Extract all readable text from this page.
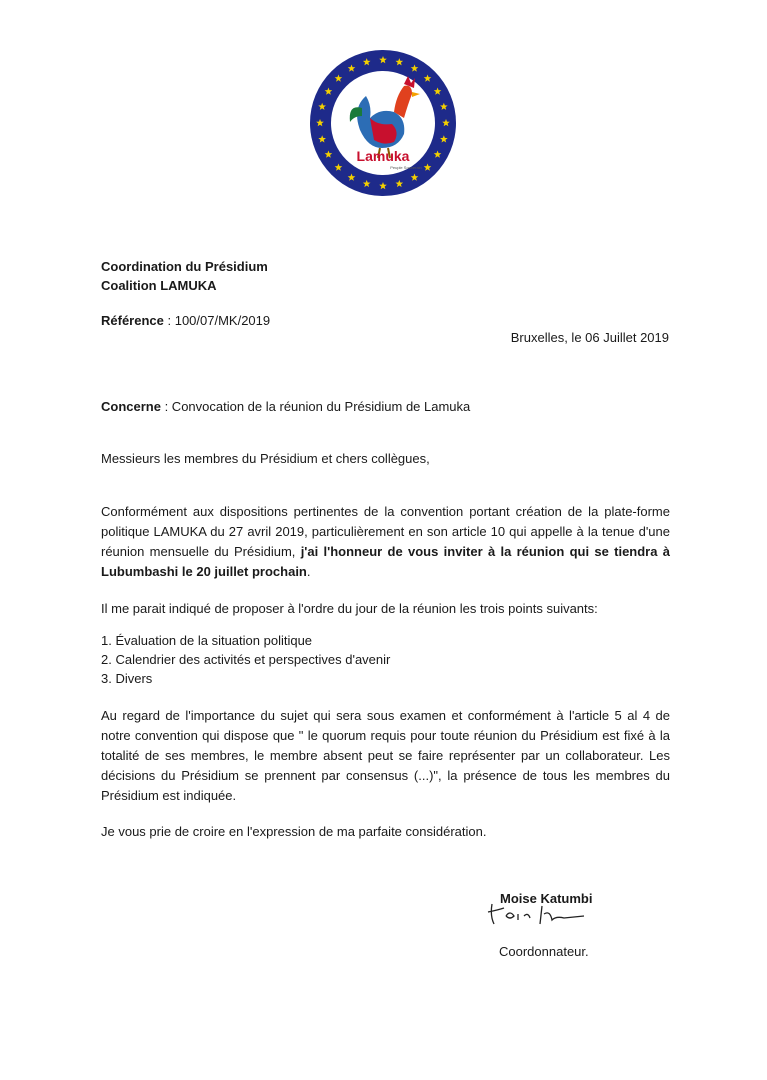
Lamuka
Peuple Souverain
Coordination du Présidium
Coalition LAMUKA
Référence : 100/07/MK/2019
Bruxelles, le 06 Juillet 2019
Concerne : Convocation de la réunion du Présidium de Lamuka
Messieurs les membres du Présidium et chers collègues,

Conformément aux dispositions pertinentes de la convention portant création de la plate-forme politique LAMUKA du 27 avril 2019, particulièrement en son article 10 qui appelle à la tenue d'une réunion mensuelle du Présidium, j'ai l'honneur de vous inviter à la réunion qui se tiendra à Lubumbashi le 20 juillet prochain.

Il me parait indiqué de proposer à l'ordre du jour de la réunion les trois points suivants:

1. Évaluation de la situation politique
2. Calendrier des activités et perspectives d'avenir
3. Divers

Au regard de l'importance du sujet qui sera sous examen et conformément à l'article 5 al 4 de notre convention qui dispose que " le quorum requis pour toute réunion du Présidium est fixé à la totalité de ses membres, le membre absent peut se faire représenter par un collaborateur. Les décisions du Présidium se prennent par consensus (...)", la présence de tous les membres du Présidium est indiquée.

Je vous prie de croire en l'expression de ma parfaite considération.

Moise Katumbi
Coordonnateur.
